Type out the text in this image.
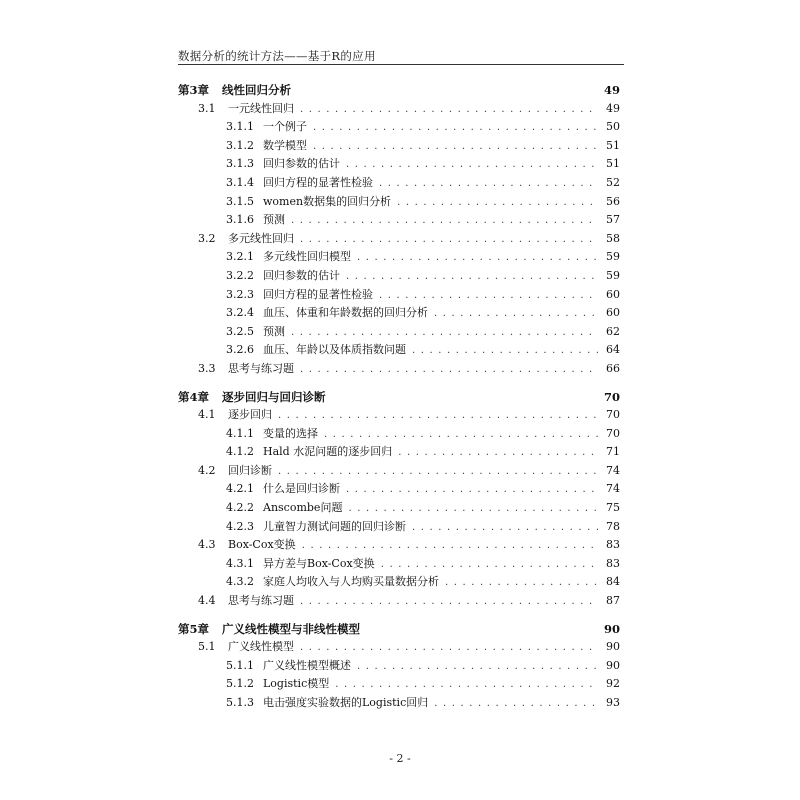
数据分析的统计方法——基于R的应用
第3章	线性回归分析	49
3.1	一元线性回归 . . .	49
3.1.1 一个例子 . . .	50
3.1.2 数学模型 . . .	51
3.1.3 回归参数的估计 . . .	51
3.1.4 回归方程的显著性检验 . . .	52
3.1.5 women数据集的回归分析 . . .	56
3.1.6 预测 . . .	57
3.2	多元线性回归 . . .	58
3.2.1 多元线性回归模型 . . .	59
3.2.2 回归参数的估计 . . .	59
3.2.3 回归方程的显著性检验 . . .	60
3.2.4 血压、体重和年龄数据的回归分析 . . .	60
3.2.5 预测 . . .	62
3.2.6 血压、年龄以及体质指数问题 . . .	64
3.3	思考与练习题 . . .	66
第4章	逐步回归与回归诊断	70
4.1	逐步回归 . . .	70
4.1.1 变量的选择 . . .	70
4.1.2 Hald 水泥问题的逐步回归 . . .	71
4.2	回归诊断 . . .	74
4.2.1 什么是回归诊断 . . .	74
4.2.2 Anscombe问题 . . .	75
4.2.3 儿童智力测试问题的回归诊断 . . .	78
4.3	Box-Cox变换 . . .	83
4.3.1 异方差与Box-Cox变换 . . .	83
4.3.2 家庭人均收入与人均购买量数据分析 . . .	84
4.4	思考与练习题 . . .	87
第5章	广义线性模型与非线性模型	90
5.1	广义线性模型 . . .	90
5.1.1 广义线性模型概述 . . .	90
5.1.2 Logistic模型 . . .	92
5.1.3 电击强度实验数据的Logistic回归 . . .	93
- 2 -
